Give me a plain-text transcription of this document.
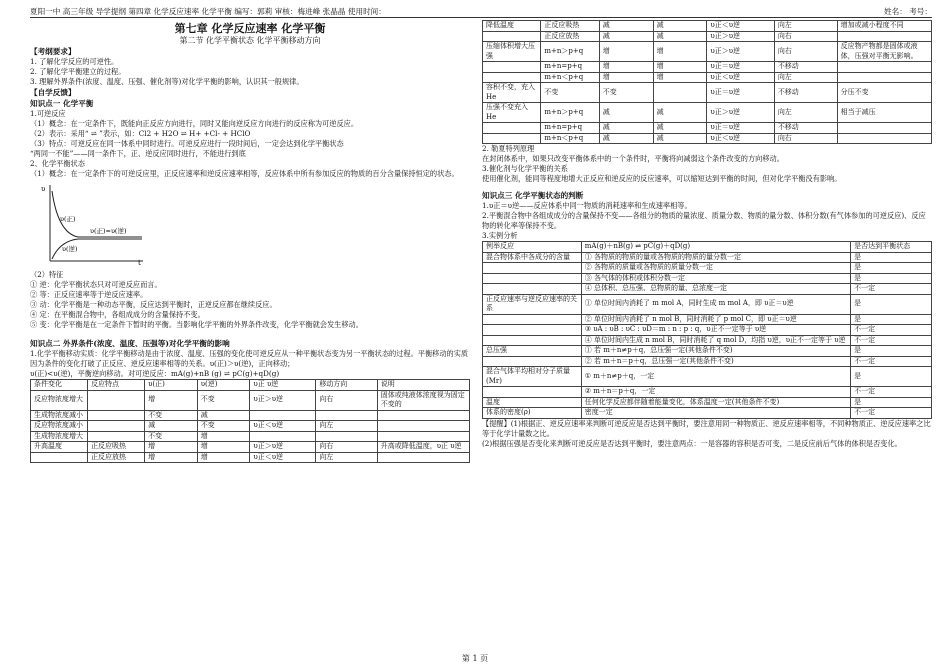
夏阳一中 高三年级 导学提纲 第四章 化学反应速率 化学平衡 编写：郭莉 审核：梅进峰 张晶晶 使用时间：	姓名： 考号：
第七章 化学反应速率 化学平衡
第二节 化学平衡状态 化学平衡移动方向
【考纲要求】
1. 了解化学反应的可逆性。
2. 了解化学平衡建立的过程。
3. 理解外界条件(浓度、温度、压强、催化剂等)对化学平衡的影响，认识其一般规律。
【自学反馈】
知识点一 化学平衡
1.可逆反应
（1）概念：在一定条件下，既能向正反应方向进行，同时又能向逆反应方向进行的反应称为可逆反应。
（2）表示：采用“ ⇌ ”表示，如：Cl2 + H2O ⇌ H+ +Cl- + HClO
（3）特点：可逆反应在同一体系中同时进行。可逆反应进行一段时间后，一定会达到化学平衡状态
“两同一不能”——同一条件下，正、逆反应同时进行，不能进行到底
2、化学平衡状态
（1）概念：在一定条件下的可逆反应里，正反应速率和逆反应速率相等，反应体系中所有参加反应的物质的百分含量保持恒定的状态。
υ
t
υ(正)
υ(正)=υ(逆)
υ(逆)
（2）特征
① 逆：化学平衡状态只对可逆反应而言。
② 等：正反应速率等于逆反应速率。
③ 动：化学平衡是一种动态平衡，反应达到平衡时，正逆反应都在继续反应。
④ 定：在平衡混合物中，各组成成分的含量保持不变。
⑤ 变：化学平衡是在一定条件下暂时的平衡。当影响化学平衡的外界条件改变，化学平衡就会发生移动。
知识点二 外界条件(浓度、温度、压强等)对化学平衡的影响
1.化学平衡移动实质：化学平衡移动是由于浓度、温度、压强的变化使可逆反应从一种平衡状态变为另一平衡状态的过程。平衡移动的实质因为条件的变化打破了正反应、逆反应速率相等的关系。υ(正)＞υ(逆)，正向移动；
υ(正)<υ(逆)，平衡逆向移动。对可逆反应：mA(g)+nB (g) ⇌ pC(g)+qD(g)
条件变化	反应特点	υ(正)	υ(逆)	υ正 υ逆	移动方向	说明
反应物浓度增大		增	不变	υ正＞υ逆	向右	固体或纯液体浓度视为固定不变的
生成物浓度减小		不变	减			
反应物浓度减小		减	不变	υ正＜υ逆	向左	
生成物浓度增大		不变	增			
升高温度	正反应吸热	增	增	υ正＞υ逆	向右	升高或降低温度，υ正 υ逆
	正反应放热	增	增	υ正＜υ逆	向左	
降低温度	正反应吸热	减	减	υ正＜υ逆	向左	增加或减小程度不同
	正反应放热	减	减	υ正＞υ逆	向右	
压缩体积增大压强	m+n＞p+q	增	增	υ正＞υ逆	向右	反应物产物都是固体或液体，压强对平衡无影响。
	m+n=p+q	增	增	υ正＝υ逆	不移动	
	m+n＜p+q	增	增	υ正＜υ逆	向左	
容积不变，充入He	不变	不变		υ正＝υ逆	不移动	分压不变
压强不变充入He	m+n＞p+q	减	减	υ正＞υ逆	向左	相当于减压
	m+n=p+q	减	减	υ正＝υ逆	不移动	
	m+n＜p+q	减	减	υ正＜υ逆	向右	
2. 勒夏特列原理
在封闭体系中，如果只改变平衡体系中的一个条件时，平衡将向减弱这个条件改变的方向移动。
3.催化剂与化学平衡的关系
使用催化剂，能同等程度地增大正反应和逆反应的反应速率，可以缩短达到平衡的时间，但对化学平衡没有影响。
知识点三 化学平衡状态的判断
1.υ正＝υ逆——反应体系中同一物质的消耗速率和生成速率相等。
2.平衡混合物中各组成成分的含量保持不变——各组分的物质的量浓度、质量分数、物质的量分数、体积分数(有气体参加的可逆反应)、反应物的转化率等保持不变。
3.实例分析
例举反应	mA(g)＋nB(g) ⇌ pC(g)＋qD(g)	是否达到平衡状态
混合物体系中各成分的含量	① 各物质的物质的量或各物质的物质的量分数一定	是
	② 各物质的质量或各物质的质量分数一定	是
	③ 各气体的体积或体积分数一定	是
	④ 总体积、总压强、总物质的量、总浓度一定	不一定
正反应速率与逆反应速率的关系	① 单位时间内消耗了 m mol A，同时生成 m mol A，即 υ正＝υ逆	是
	② 单位时间内消耗了 n mol B，同时消耗了 p mol C，即 υ正＝υ逆	是
	③ υA : υB : υC : υD＝m : n : p : q，υ正不一定等于 υ逆	不一定
	④ 单位时间内生成 n mol B，同时消耗了 q mol D，均指 υ逆，υ正不一定等于 υ逆	不一定
总压强	① 若 m＋n≠p＋q，总压强一定(其他条件不变)	是
	② 若 m＋n＝p＋q，总压强一定(其他条件不变)	不一定
混合气体平均相对分子质量(Mr)	① m＋n≠p＋q，一定	是
	② m＋n＝p＋q，一定	不一定
温度	任何化学反应都伴随着能量变化，体系温度一定(其他条件不变)	是
体系的密度(ρ)	密度一定	不一定
【提醒】(1)根据正、逆反应速率来判断可逆反应是否达到平衡时，要注意用同一种物质正、逆反应速率相等，不同种物质正、逆反应速率之比等于化学计量数之比。
(2)根据压强是否变化来判断可逆反应是否达到平衡时，要注意两点：一是容器的容积是否可变，二是反应前后气体的体积是否变化。
第 1 页
